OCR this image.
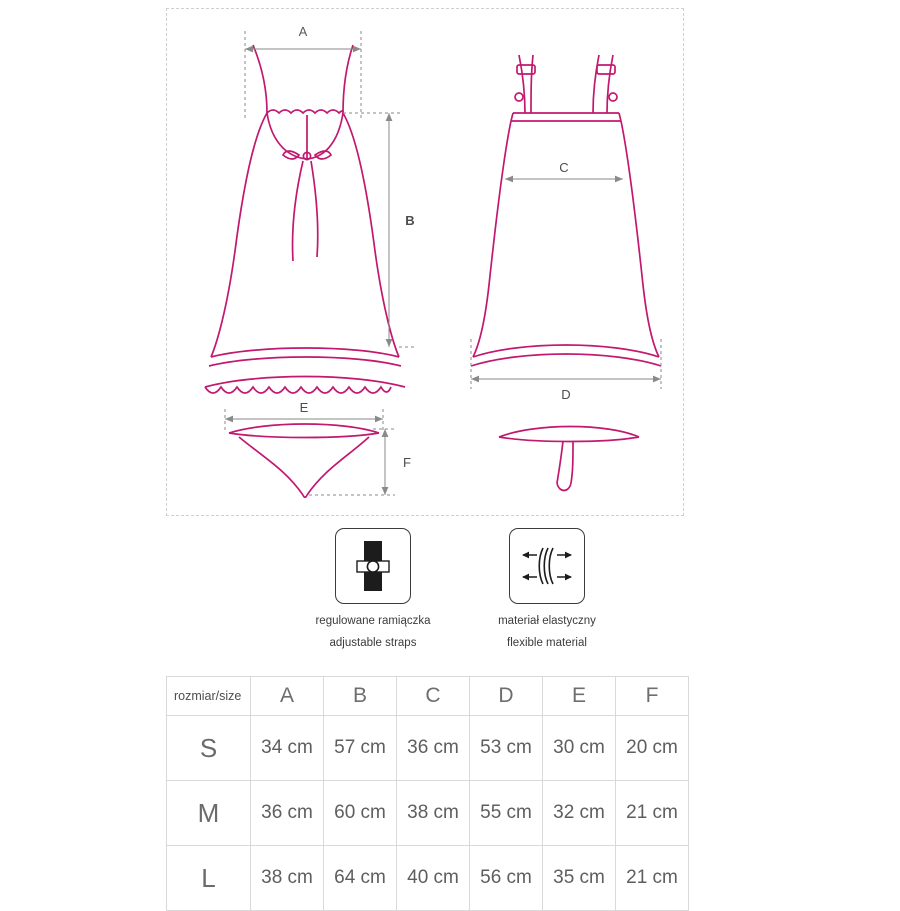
A
B
C
D
E
F
regulowane ramiączka
adjustable straps
materiał elastyczny
flexible material
rozmiar/size	A	B	C	D	E	F
S	34 cm	57 cm	36 cm	53 cm	30 cm	20 cm
M	36 cm	60 cm	38 cm	55 cm	32 cm	21 cm
L	38 cm	64 cm	40 cm	56 cm	35 cm	21 cm
